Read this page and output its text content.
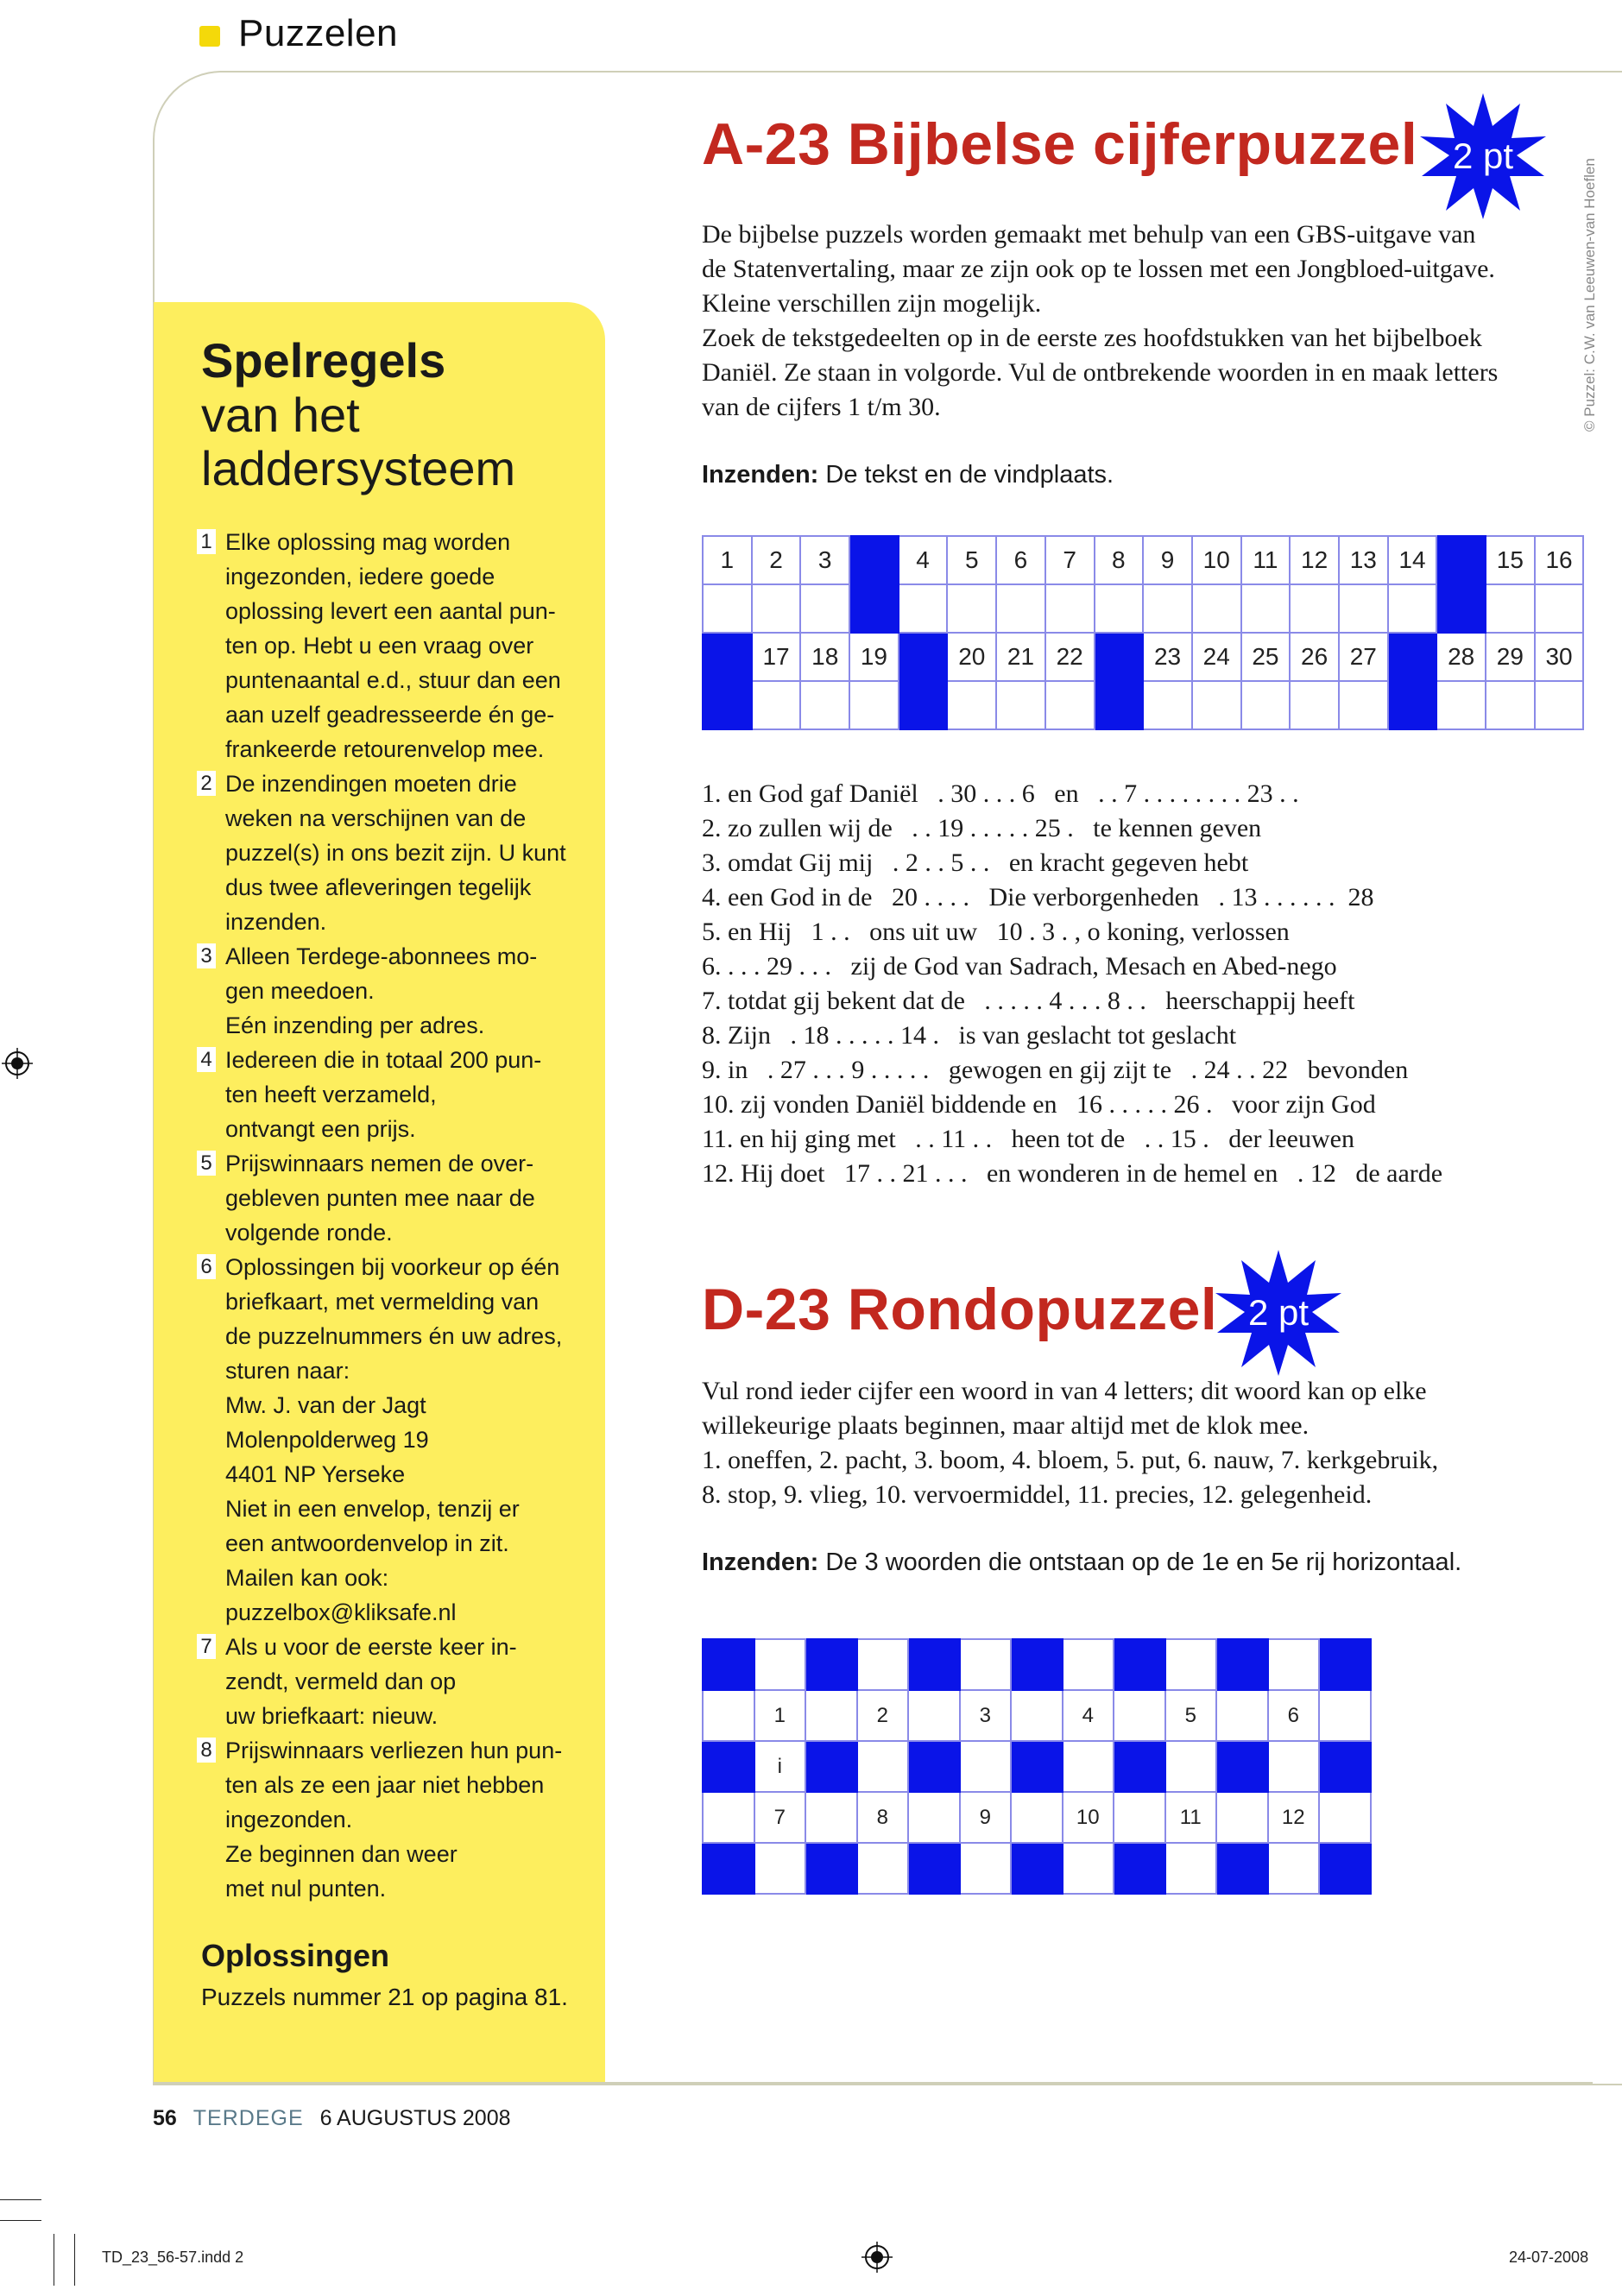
Puzzelen
Spelregels
van het laddersysteem
1 Elke oplossing mag worden
ingezonden, iedere goede
oplossing levert een aantal pun-
ten op. Hebt u een vraag over
puntenaantal e.d., stuur dan een
aan uzelf geadresseerde én ge-
frankeerde retourenvelop mee.
2 De inzendingen moeten drie
weken na verschijnen van de
puzzel(s) in ons bezit zijn. U kunt
dus twee afleveringen tegelijk
inzenden.
3 Alleen Terdege-abonnees mo-
gen meedoen.
Eén inzending per adres.
4 Iedereen die in totaal 200 pun-
ten heeft verzameld,
ontvangt een prijs.
5 Prijswinnaars nemen de over-
gebleven punten mee naar de
volgende ronde.
6 Oplossingen bij voorkeur op één
briefkaart, met vermelding van
de puzzelnummers én uw adres,
sturen naar:
Mw. J. van der Jagt
Molenpolderweg 19
4401 NP Yerseke
Niet in een envelop, tenzij er
een antwoordenvelop in zit.
Mailen kan ook:
puzzelbox@kliksafe.nl
7 Als u voor de eerste keer in-
zendt, vermeld dan op
uw briefkaart: nieuw.
8 Prijswinnaars verliezen hun pun-
ten als ze een jaar niet hebben
ingezonden.
Ze beginnen dan weer
met nul punten.
Oplossingen
Puzzels nummer 21 op pagina 81.
A-23 Bijbelse cijferpuzzel 2 pt
De bijbelse puzzels worden gemaakt met behulp van een GBS-uitgave van
de Statenvertaling, maar ze zijn ook op te lossen met een Jongbloed-uitgave.
Kleine verschillen zijn mogelijk.
Zoek de tekstgedeelten op in de eerste zes hoofdstukken van het bijbelboek
Daniël. Ze staan in volgorde. Vul de ontbrekende woorden in en maak letters
van de cijfers 1 t/m 30.
Inzenden: De tekst en de vindplaats.
1	2	3		4	5	6	7	8	9	10	11	12	13	14		15	16

	17	18	19		20	21	22		23	24	25	26	27		28	29	30

1. en God gaf Daniël   . 30 . . . 6   en   . . 7 . . . . . . . . 23 . .
2. zo zullen wij de   . . 19 . . . . . 25 .   te kennen geven
3. omdat Gij mij   . 2 . . 5 . .   en kracht gegeven hebt
4. een God in de   20 . . . .   Die verborgenheden   . 13 . . . . . .  28
5. en Hij   1 . .   ons uit uw   10 . 3 . , o koning, verlossen
6. . . . 29 . . .   zij de God van Sadrach, Mesach en Abed-nego
7. totdat gij bekent dat de   . . . . . 4 . . . 8 . .   heerschappij heeft
8. Zijn   . 18 . . . . . 14 .   is van geslacht tot geslacht
9. in   . 27 . . . 9 . . . . .   gewogen en gij zijt te   . 24 . . 22   bevonden
10. zij vonden Daniël biddende en   16 . . . . . 26 .   voor zijn God
11. en hij ging met   . . 11 . .   heen tot de   . . 15 .   der leeuwen
12. Hij doet   17 . . 21 . . .   en wonderen in de hemel en   . 12   de aarde
D-23 Rondopuzzel 2 pt
Vul rond ieder cijfer een woord in van 4 letters; dit woord kan op elke
willekeurige plaats beginnen, maar altijd met de klok mee.
1. oneffen, 2. pacht, 3. boom, 4. bloem, 5. put, 6. nauw, 7. kerkgebruik,
8. stop, 9. vlieg, 10. vervoermiddel, 11. precies, 12. gelegenheid.
Inzenden: De 3 woorden die ontstaan op de 1e en 5e rij horizontaal.

	1		2		3		4		5		6	
	i											
	7		8		9		10		11		12	

© Puzzel: C.W. van Leeuwen-van Hoeflen
56 TERDEGE 6 AUGUSTUS 2008
TD_23_56-57.indd 2	24-07-2008
